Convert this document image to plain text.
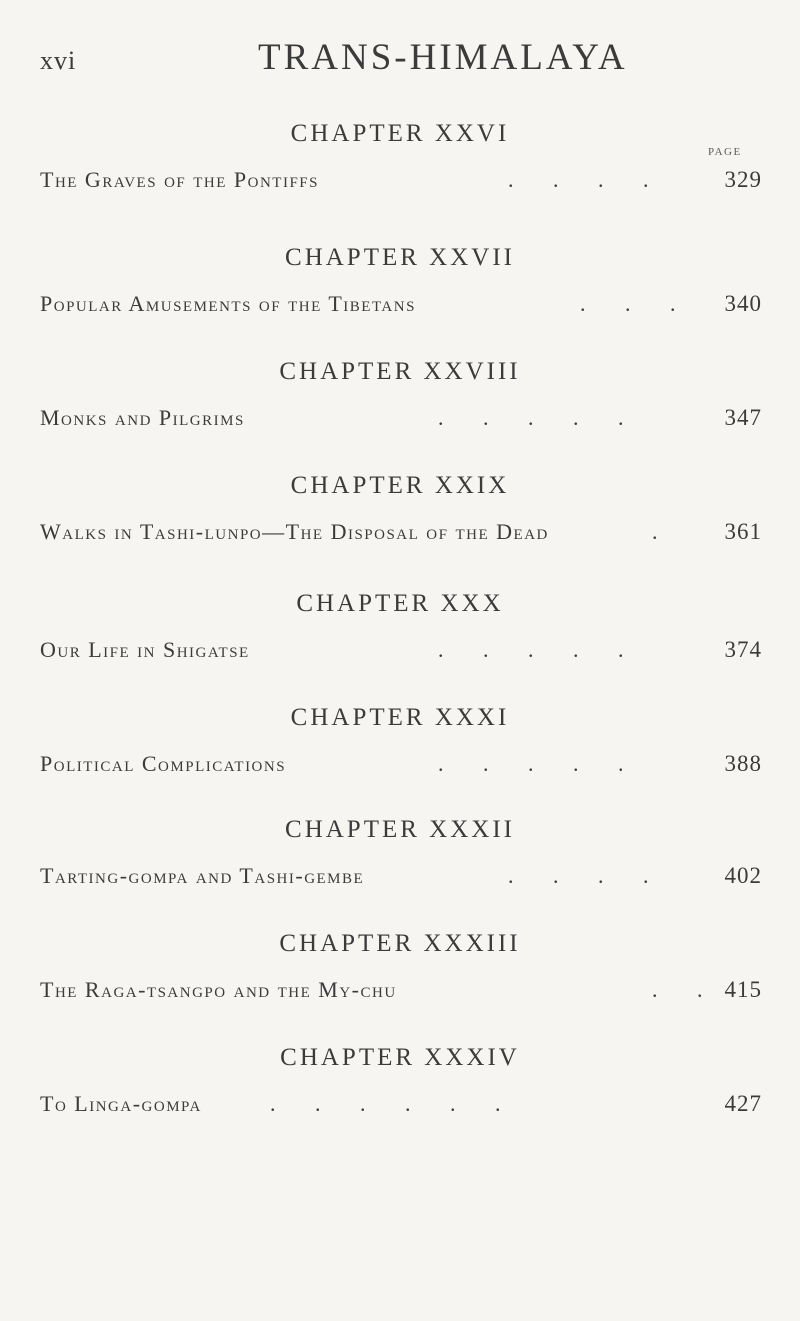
xvi	TRANS-HIMALAYA
PAGE
CHAPTER XXVI
The Graves of the Pontiffs	. . . .	329
CHAPTER XXVII
Popular Amusements of the Tibetans	. . . 340
CHAPTER XXVIII
Monks and Pilgrims	. . . . .	347
CHAPTER XXIX
Walks in Tashi-lunpo—The Disposal of the Dead	.	361
CHAPTER XXX
Our Life in Shigatse	. . . . .	374
CHAPTER XXXI
Political Complications	. . . . .	388
CHAPTER XXXII
Tarting-gompa and Tashi-gembe	. . . .	402
CHAPTER XXXIII
The Raga-tsangpo and the My-chu	. . 415
CHAPTER XXXIV
To Linga-gompa	. . . . . .	427
